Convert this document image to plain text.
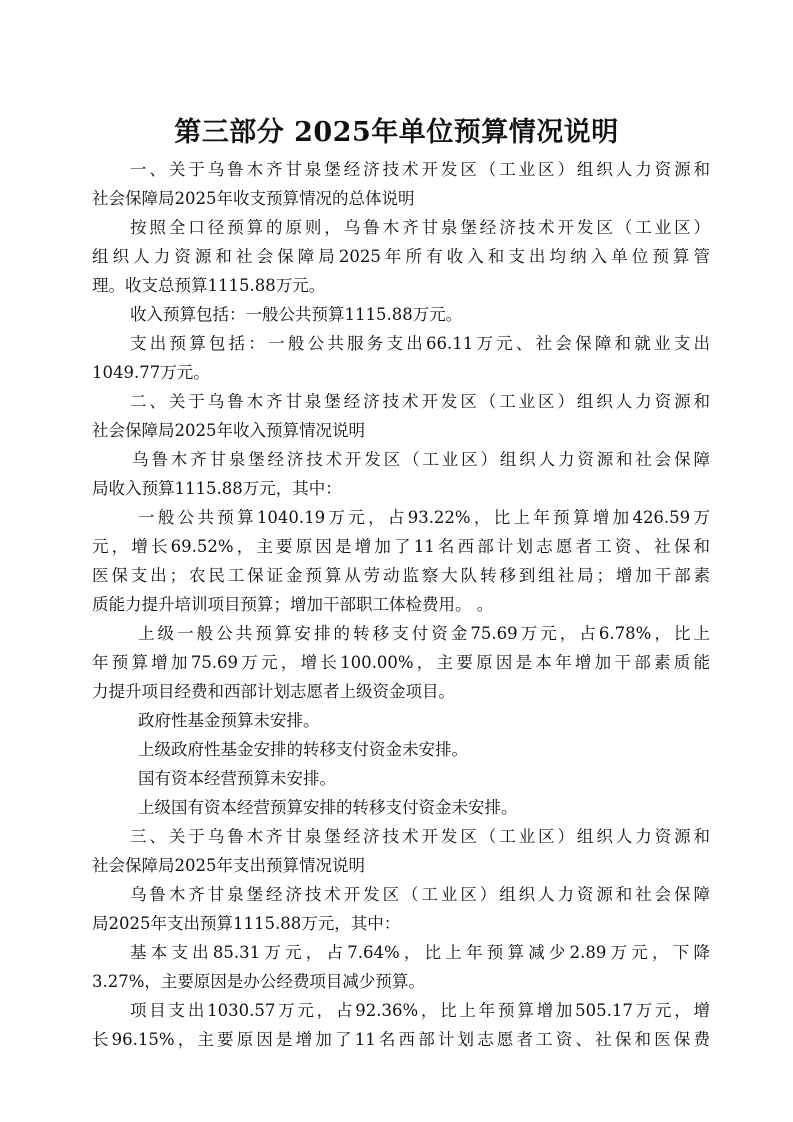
第三部分 2025年单位预算情况说明
一、关于乌鲁木齐甘泉堡经济技术开发区（工业区）组织人力资源和
社会保障局2025年收支预算情况的总体说明
按照全口径预算的原则，乌鲁木齐甘泉堡经济技术开发区（工业区）
组织人力资源和社会保障局2025年所有收入和支出均纳入单位预算管
理。收支总预算1115.88万元。
收入预算包括：一般公共预算1115.88万元。
支出预算包括：一般公共服务支出66.11万元、社会保障和就业支出
1049.77万元。
二、关于乌鲁木齐甘泉堡经济技术开发区（工业区）组织人力资源和
社会保障局2025年收入预算情况说明
乌鲁木齐甘泉堡经济技术开发区（工业区）组织人力资源和社会保障
局收入预算1115.88万元，其中：
一般公共预算1040.19万元，占93.22%，比上年预算增加426.59万
元，增长69.52%，主要原因是增加了11名西部计划志愿者工资、社保和
医保支出；农民工保证金预算从劳动监察大队转移到组社局；增加干部素
质能力提升培训项目预算；增加干部职工体检费用。 。
上级一般公共预算安排的转移支付资金75.69万元，占6.78%，比上
年预算增加75.69万元，增长100.00%，主要原因是本年增加干部素质能
力提升项目经费和西部计划志愿者上级资金项目。
政府性基金预算未安排。
上级政府性基金安排的转移支付资金未安排。
国有资本经营预算未安排。
上级国有资本经营预算安排的转移支付资金未安排。
三、关于乌鲁木齐甘泉堡经济技术开发区（工业区）组织人力资源和
社会保障局2025年支出预算情况说明
乌鲁木齐甘泉堡经济技术开发区（工业区）组织人力资源和社会保障
局2025年支出预算1115.88万元，其中：
基本支出85.31万元，占7.64%，比上年预算减少2.89万元，下降
3.27%，主要原因是办公经费项目减少预算。
项目支出1030.57万元，占92.36%，比上年预算增加505.17万元，增
长96.15%，主要原因是增加了11名西部计划志愿者工资、社保和医保费
